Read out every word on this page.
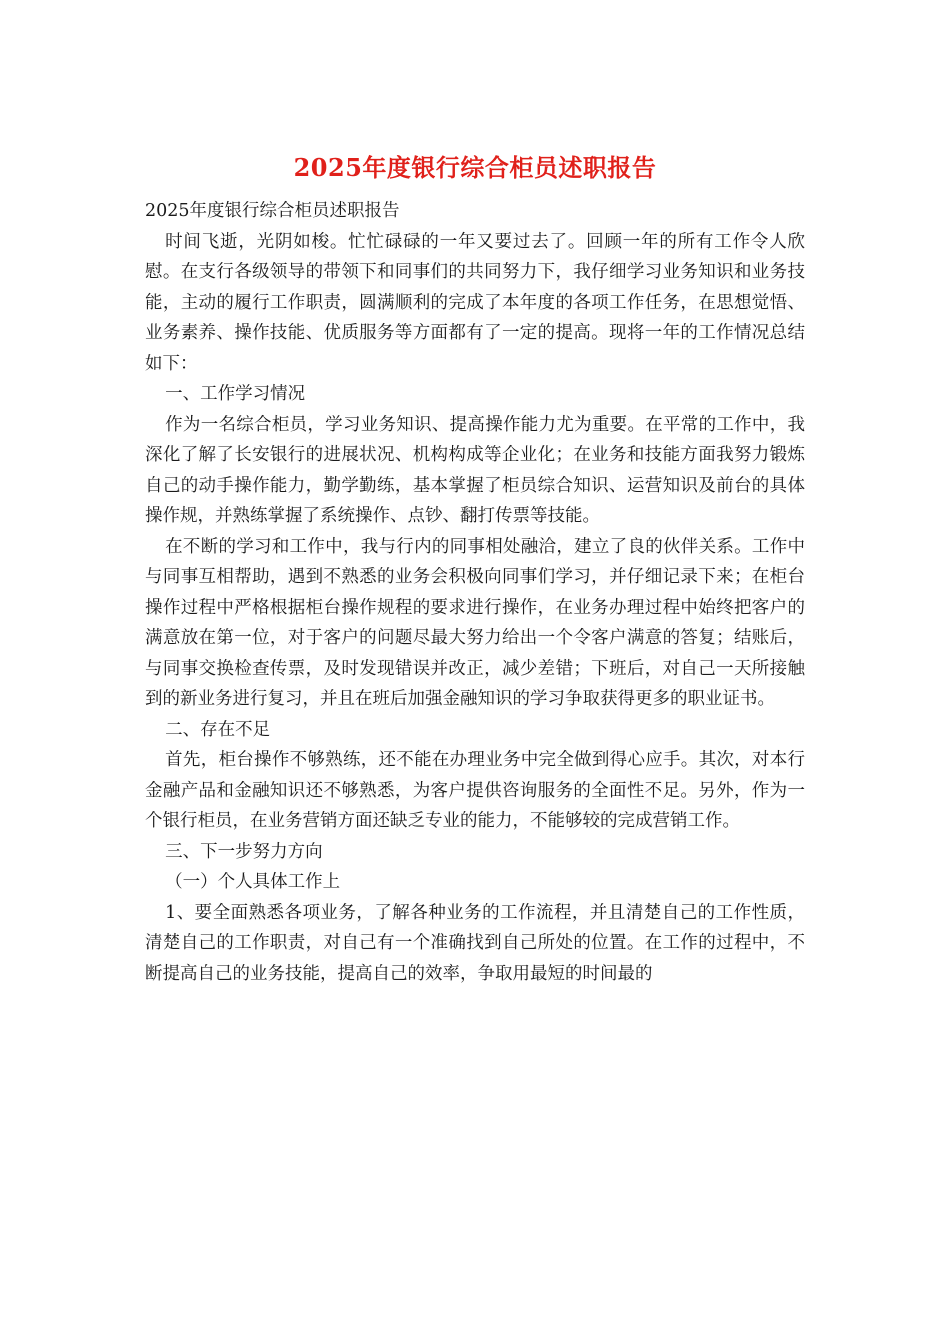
2025年度银行综合柜员述职报告

2025年度银行综合柜员述职报告

时间飞逝，光阴如梭。忙忙碌碌的一年又要过去了。回顾一年的所有工作令人欣慰。在支行各级领导的带领下和同事们的共同努力下，我仔细学习业务知识和业务技能，主动的履行工作职责，圆满顺利的完成了本年度的各项工作任务，在思想觉悟、业务素养、操作技能、优质服务等方面都有了一定的提高。现将一年的工作情况总结如下：

一、工作学习情况

作为一名综合柜员，学习业务知识、提高操作能力尤为重要。在平常的工作中，我深化了解了长安银行的进展状况、机构构成等企业化；在业务和技能方面我努力锻炼自己的动手操作能力，勤学勤练，基本掌握了柜员综合知识、运营知识及前台的具体操作规，并熟练掌握了系统操作、点钞、翻打传票等技能。

在不断的学习和工作中，我与行内的同事相处融洽，建立了良的伙伴关系。工作中与同事互相帮助，遇到不熟悉的业务会积极向同事们学习，并仔细记录下来；在柜台操作过程中严格根据柜台操作规程的要求进行操作，在业务办理过程中始终把客户的满意放在第一位，对于客户的问题尽最大努力给出一个令客户满意的答复；结账后，与同事交换检查传票，及时发现错误并改正，减少差错；下班后，对自己一天所接触到的新业务进行复习，并且在班后加强金融知识的学习争取获得更多的职业证书。

二、存在不足

首先，柜台操作不够熟练，还不能在办理业务中完全做到得心应手。其次，对本行金融产品和金融知识还不够熟悉，为客户提供咨询服务的全面性不足。另外，作为一个银行柜员，在业务营销方面还缺乏专业的能力，不能够较的完成营销工作。

三、下一步努力方向

（一）个人具体工作上

1、要全面熟悉各项业务，了解各种业务的工作流程，并且清楚自己的工作性质，清楚自己的工作职责，对自己有一个准确找到自己所处的位置。在工作的过程中，不断提高自己的业务技能，提高自己的效率，争取用最短的时间最的
